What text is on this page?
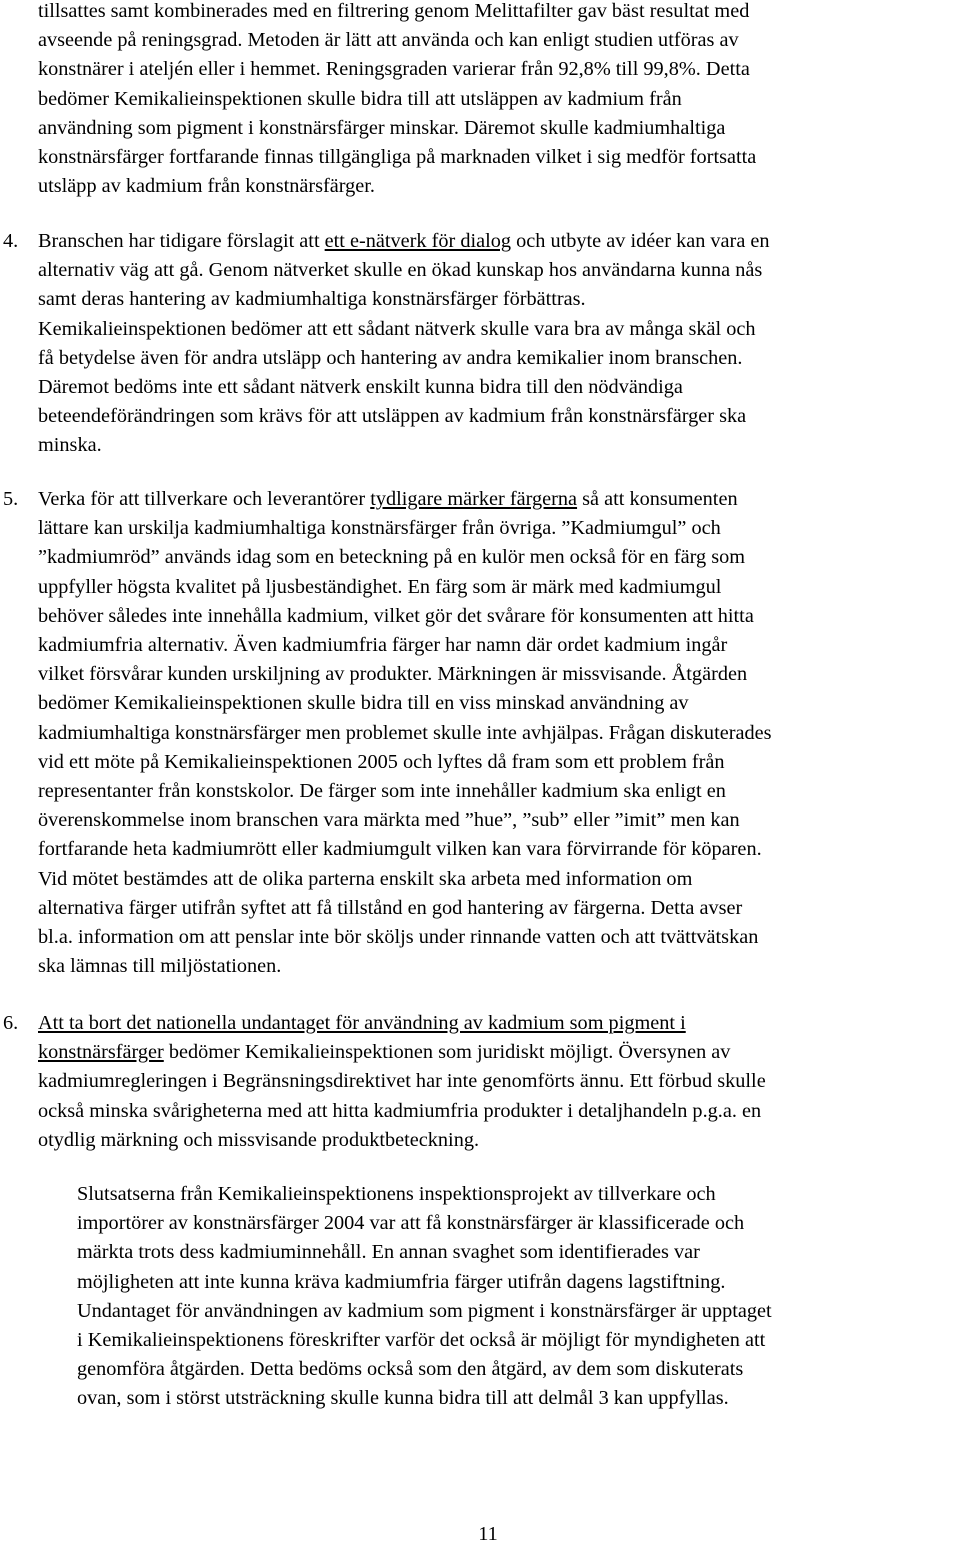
tillsattes samt kombinerades med en filtrering genom Melittafilter gav bäst resultat med
avseende på reningsgrad. Metoden är lätt att använda och kan enligt studien utföras av
konstnärer i ateljén eller i hemmet. Reningsgraden varierar från 92,8% till 99,8%. Detta
bedömer Kemikalieinspektionen skulle bidra till att utsläppen av kadmium från
användning som pigment i konstnärsfärger minskar. Däremot skulle kadmiumhaltiga
konstnärsfärger fortfarande finnas tillgängliga på marknaden vilket i sig medför fortsatta
utsläpp av kadmium från konstnärsfärger.
4. Branschen har tidigare förslagit att ett e-nätverk för dialog och utbyte av idéer kan vara en
alternativ väg att gå. Genom nätverket skulle en ökad kunskap hos användarna kunna nås
samt deras hantering av kadmiumhaltiga konstnärsfärger förbättras.
Kemikalieinspektionen bedömer att ett sådant nätverk skulle vara bra av många skäl och
få betydelse även för andra utsläpp och hantering av andra kemikalier inom branschen.
Däremot bedöms inte ett sådant nätverk enskilt kunna bidra till den nödvändiga
beteendeförändringen som krävs för att utsläppen av kadmium från konstnärsfärger ska
minska.
5. Verka för att tillverkare och leverantörer tydligare märker färgerna så att konsumenten
lättare kan urskilja kadmiumhaltiga konstnärsfärger från övriga. ”Kadmiumgul” och
”kadmiumröd” används idag som en beteckning på en kulör men också för en färg som
uppfyller högsta kvalitet på ljusbeständighet. En färg som är märk med kadmiumgul
behöver således inte innehålla kadmium, vilket gör det svårare för konsumenten att hitta
kadmiumfria alternativ. Även kadmiumfria färger har namn där ordet kadmium ingår
vilket försvårar kunden urskiljning av produkter. Märkningen är missvisande. Åtgärden
bedömer Kemikalieinspektionen skulle bidra till en viss minskad användning av
kadmiumhaltiga konstnärsfärger men problemet skulle inte avhjälpas. Frågan diskuterades
vid ett möte på Kemikalieinspektionen 2005 och lyftes då fram som ett problem från
representanter från konstskolor. De färger som inte innehåller kadmium ska enligt en
överenskommelse inom branschen vara märkta med ”hue”, ”sub” eller ”imit” men kan
fortfarande heta kadmiumrött eller kadmiumgult vilken kan vara förvirrande för köparen.
Vid mötet bestämdes att de olika parterna enskilt ska arbeta med information om
alternativa färger utifrån syftet att få tillstånd en god hantering av färgerna. Detta avser
bl.a. information om att penslar inte bör sköljs under rinnande vatten och att tvättvätskan
ska lämnas till miljöstationen.
6. Att ta bort det nationella undantaget för användning av kadmium som pigment i
konstnärsfärger bedömer Kemikalieinspektionen som juridiskt möjligt. Översynen av
kadmiumregleringen i Begränsningsdirektivet har inte genomförts ännu. Ett förbud skulle
också minska svårigheterna med att hitta kadmiumfria produkter i detaljhandeln p.g.a. en
otydlig märkning och missvisande produktbeteckning.
Slutsatserna från Kemikalieinspektionens inspektionsprojekt av tillverkare och
importörer av konstnärsfärger 2004 var att få konstnärsfärger är klassificerade och
märkta trots dess kadmiuminnehåll. En annan svaghet som identifierades var
möjligheten att inte kunna kräva kadmiumfria färger utifrån dagens lagstiftning.
Undantaget för användningen av kadmium som pigment i konstnärsfärger är upptaget
i Kemikalieinspektionens föreskrifter varför det också är möjligt för myndigheten att
genomföra åtgärden. Detta bedöms också som den åtgärd, av dem som diskuterats
ovan, som i störst utsträckning skulle kunna bidra till att delmål 3 kan uppfyllas.
11
